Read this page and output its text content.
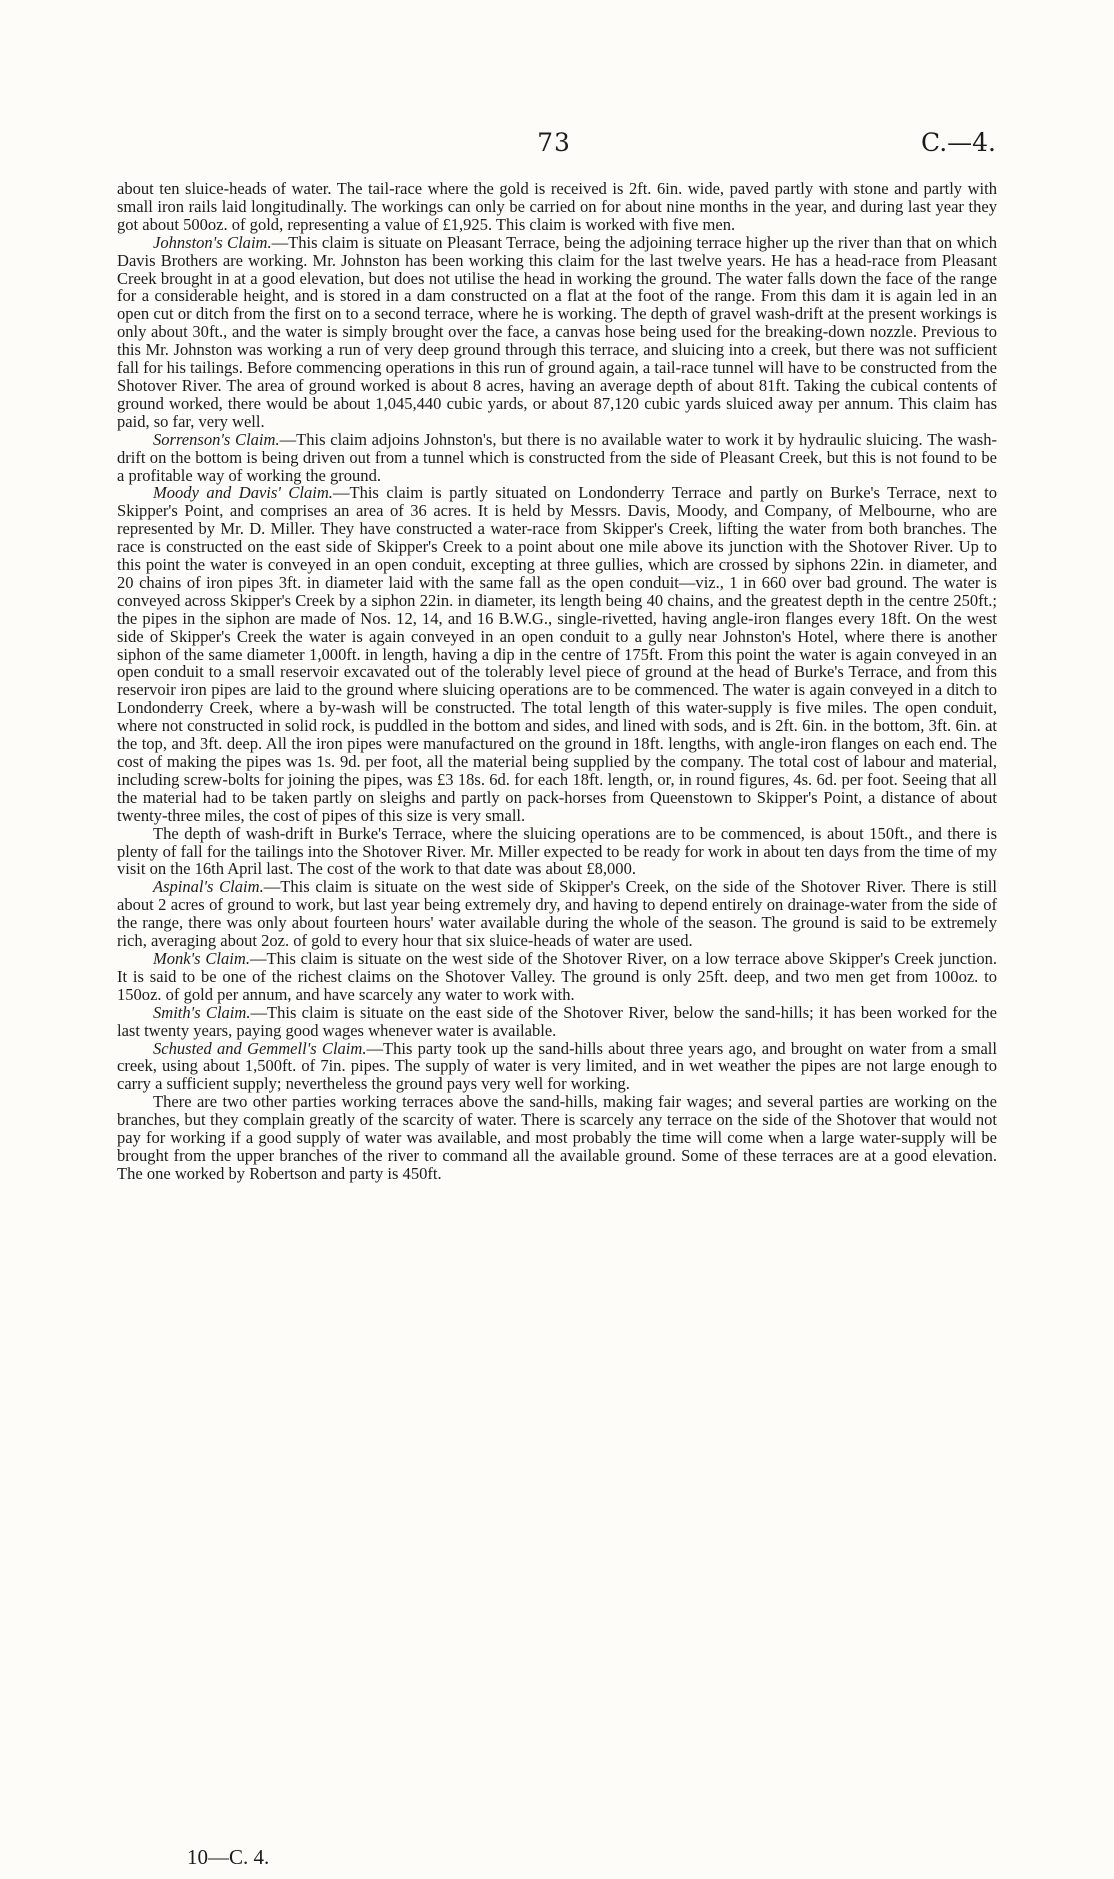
73	C.—4.

about ten sluice-heads of water. The tail-race where the gold is received is 2ft. 6in. wide, paved partly with stone and partly with small iron rails laid longitudinally. The workings can only be carried on for about nine months in the year, and during last year they got about 500oz. of gold, representing a value of £1,925. This claim is worked with five men.

Johnston's Claim.—This claim is situate on Pleasant Terrace, being the adjoining terrace higher up the river than that on which Davis Brothers are working. Mr. Johnston has been working this claim for the last twelve years. He has a head-race from Pleasant Creek brought in at a good elevation, but does not utilise the head in working the ground. The water falls down the face of the range for a considerable height, and is stored in a dam constructed on a flat at the foot of the range. From this dam it is again led in an open cut or ditch from the first on to a second terrace, where he is working. The depth of gravel wash-drift at the present workings is only about 30ft., and the water is simply brought over the face, a canvas hose being used for the breaking-down nozzle. Previous to this Mr. Johnston was working a run of very deep ground through this terrace, and sluicing into a creek, but there was not sufficient fall for his tailings. Before commencing operations in this run of ground again, a tail-race tunnel will have to be constructed from the Shotover River. The area of ground worked is about 8 acres, having an average depth of about 81ft. Taking the cubical contents of ground worked, there would be about 1,045,440 cubic yards, or about 87,120 cubic yards sluiced away per annum. This claim has paid, so far, very well.

Sorrenson's Claim.—This claim adjoins Johnston's, but there is no available water to work it by hydraulic sluicing. The wash-drift on the bottom is being driven out from a tunnel which is constructed from the side of Pleasant Creek, but this is not found to be a profitable way of working the ground.

Moody and Davis' Claim.—This claim is partly situated on Londonderry Terrace and partly on Burke's Terrace, next to Skipper's Point, and comprises an area of 36 acres. It is held by Messrs. Davis, Moody, and Company, of Melbourne, who are represented by Mr. D. Miller. They have constructed a water-race from Skipper's Creek, lifting the water from both branches. The race is constructed on the east side of Skipper's Creek to a point about one mile above its junction with the Shotover River. Up to this point the water is conveyed in an open conduit, excepting at three gullies, which are crossed by siphons 22in. in diameter, and 20 chains of iron pipes 3ft. in diameter laid with the same fall as the open conduit—viz., 1 in 660 over bad ground. The water is conveyed across Skipper's Creek by a siphon 22in. in diameter, its length being 40 chains, and the greatest depth in the centre 250ft.; the pipes in the siphon are made of Nos. 12, 14, and 16 B.W.G., single-rivetted, having angle-iron flanges every 18ft. On the west side of Skipper's Creek the water is again conveyed in an open conduit to a gully near Johnston's Hotel, where there is another siphon of the same diameter 1,000ft. in length, having a dip in the centre of 175ft. From this point the water is again conveyed in an open conduit to a small reservoir excavated out of the tolerably level piece of ground at the head of Burke's Terrace, and from this reservoir iron pipes are laid to the ground where sluicing operations are to be commenced. The water is again conveyed in a ditch to Londonderry Creek, where a by-wash will be constructed. The total length of this water-supply is five miles. The open conduit, where not constructed in solid rock, is puddled in the bottom and sides, and lined with sods, and is 2ft. 6in. in the bottom, 3ft. 6in. at the top, and 3ft. deep. All the iron pipes were manufactured on the ground in 18ft. lengths, with angle-iron flanges on each end. The cost of making the pipes was 1s. 9d. per foot, all the material being supplied by the company. The total cost of labour and material, including screw-bolts for joining the pipes, was £3 18s. 6d. for each 18ft. length, or, in round figures, 4s. 6d. per foot. Seeing that all the material had to be taken partly on sleighs and partly on pack-horses from Queenstown to Skipper's Point, a distance of about twenty-three miles, the cost of pipes of this size is very small.

The depth of wash-drift in Burke's Terrace, where the sluicing operations are to be commenced, is about 150ft., and there is plenty of fall for the tailings into the Shotover River. Mr. Miller expected to be ready for work in about ten days from the time of my visit on the 16th April last. The cost of the work to that date was about £8,000.

Aspinal's Claim.—This claim is situate on the west side of Skipper's Creek, on the side of the Shotover River. There is still about 2 acres of ground to work, but last year being extremely dry, and having to depend entirely on drainage-water from the side of the range, there was only about fourteen hours' water available during the whole of the season. The ground is said to be extremely rich, averaging about 2oz. of gold to every hour that six sluice-heads of water are used.

Monk's Claim.—This claim is situate on the west side of the Shotover River, on a low terrace above Skipper's Creek junction. It is said to be one of the richest claims on the Shotover Valley. The ground is only 25ft. deep, and two men get from 100oz. to 150oz. of gold per annum, and have scarcely any water to work with.

Smith's Claim.—This claim is situate on the east side of the Shotover River, below the sand-hills; it has been worked for the last twenty years, paying good wages whenever water is available.

Schusted and Gemmell's Claim.—This party took up the sand-hills about three years ago, and brought on water from a small creek, using about 1,500ft. of 7in. pipes. The supply of water is very limited, and in wet weather the pipes are not large enough to carry a sufficient supply; nevertheless the ground pays very well for working.

There are two other parties working terraces above the sand-hills, making fair wages; and several parties are working on the branches, but they complain greatly of the scarcity of water. There is scarcely any terrace on the side of the Shotover that would not pay for working if a good supply of water was available, and most probably the time will come when a large water-supply will be brought from the upper branches of the river to command all the available ground. Some of these terraces are at a good elevation. The one worked by Robertson and party is 450ft.

10—C. 4.
